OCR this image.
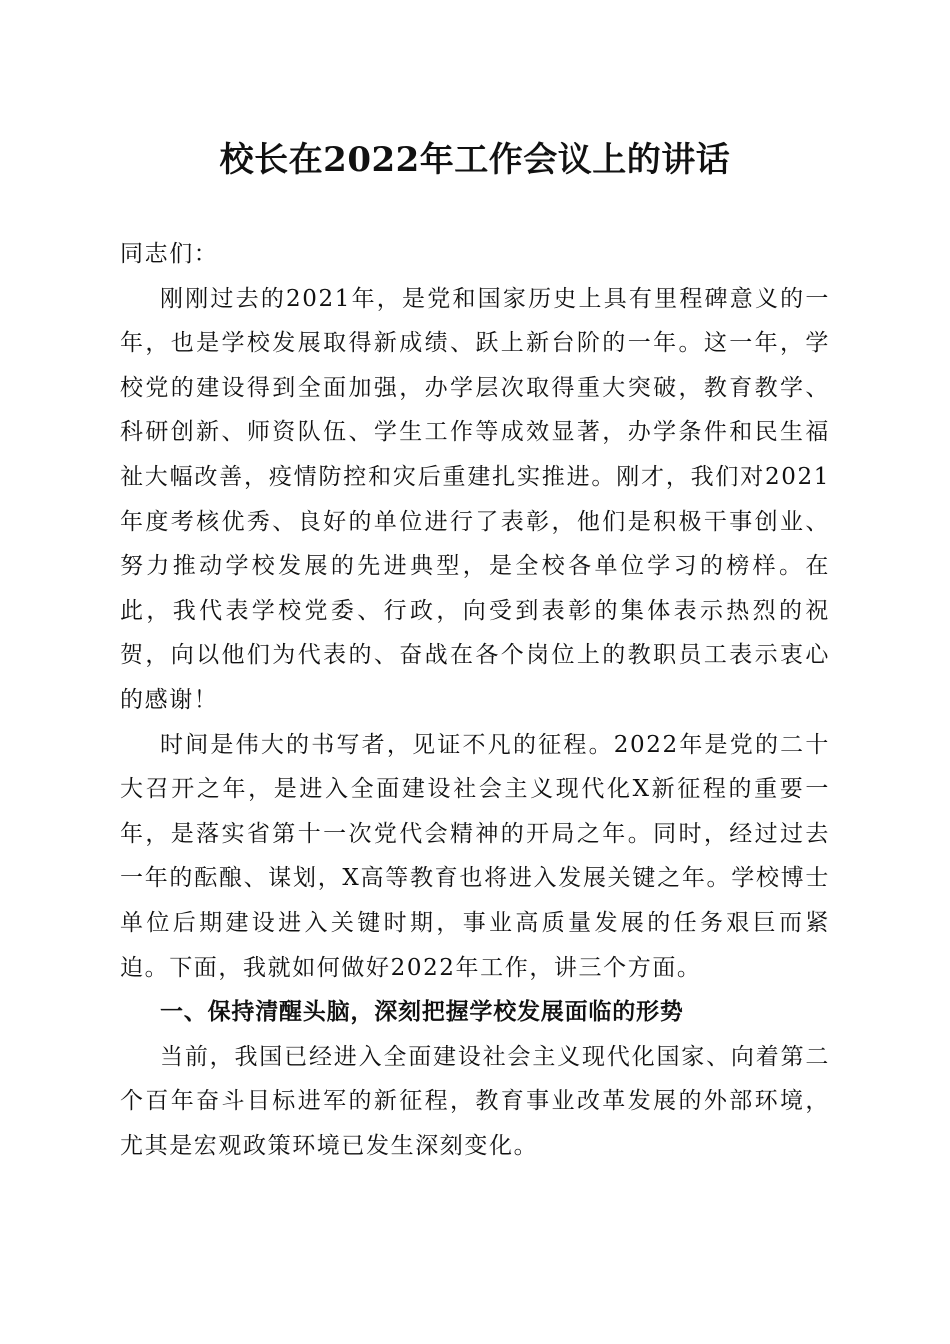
校长在2022年工作会议上的讲话

同志们：

刚刚过去的2021年，是党和国家历史上具有里程碑意义的一年，也是学校发展取得新成绩、跃上新台阶的一年。这一年，学校党的建设得到全面加强，办学层次取得重大突破，教育教学、科研创新、师资队伍、学生工作等成效显著，办学条件和民生福祉大幅改善，疫情防控和灾后重建扎实推进。刚才，我们对2021年度考核优秀、良好的单位进行了表彰，他们是积极干事创业、努力推动学校发展的先进典型，是全校各单位学习的榜样。在此，我代表学校党委、行政，向受到表彰的集体表示热烈的祝贺，向以他们为代表的、奋战在各个岗位上的教职员工表示衷心的感谢！

时间是伟大的书写者，见证不凡的征程。2022年是党的二十大召开之年，是进入全面建设社会主义现代化X新征程的重要一年，是落实省第十一次党代会精神的开局之年。同时，经过过去一年的酝酿、谋划，X高等教育也将进入发展关键之年。学校博士单位后期建设进入关键时期，事业高质量发展的任务艰巨而紧迫。下面，我就如何做好2022年工作，讲三个方面。

一、保持清醒头脑，深刻把握学校发展面临的形势

当前，我国已经进入全面建设社会主义现代化国家、向着第二个百年奋斗目标进军的新征程，教育事业改革发展的外部环境，尤其是宏观政策环境已发生深刻变化。
